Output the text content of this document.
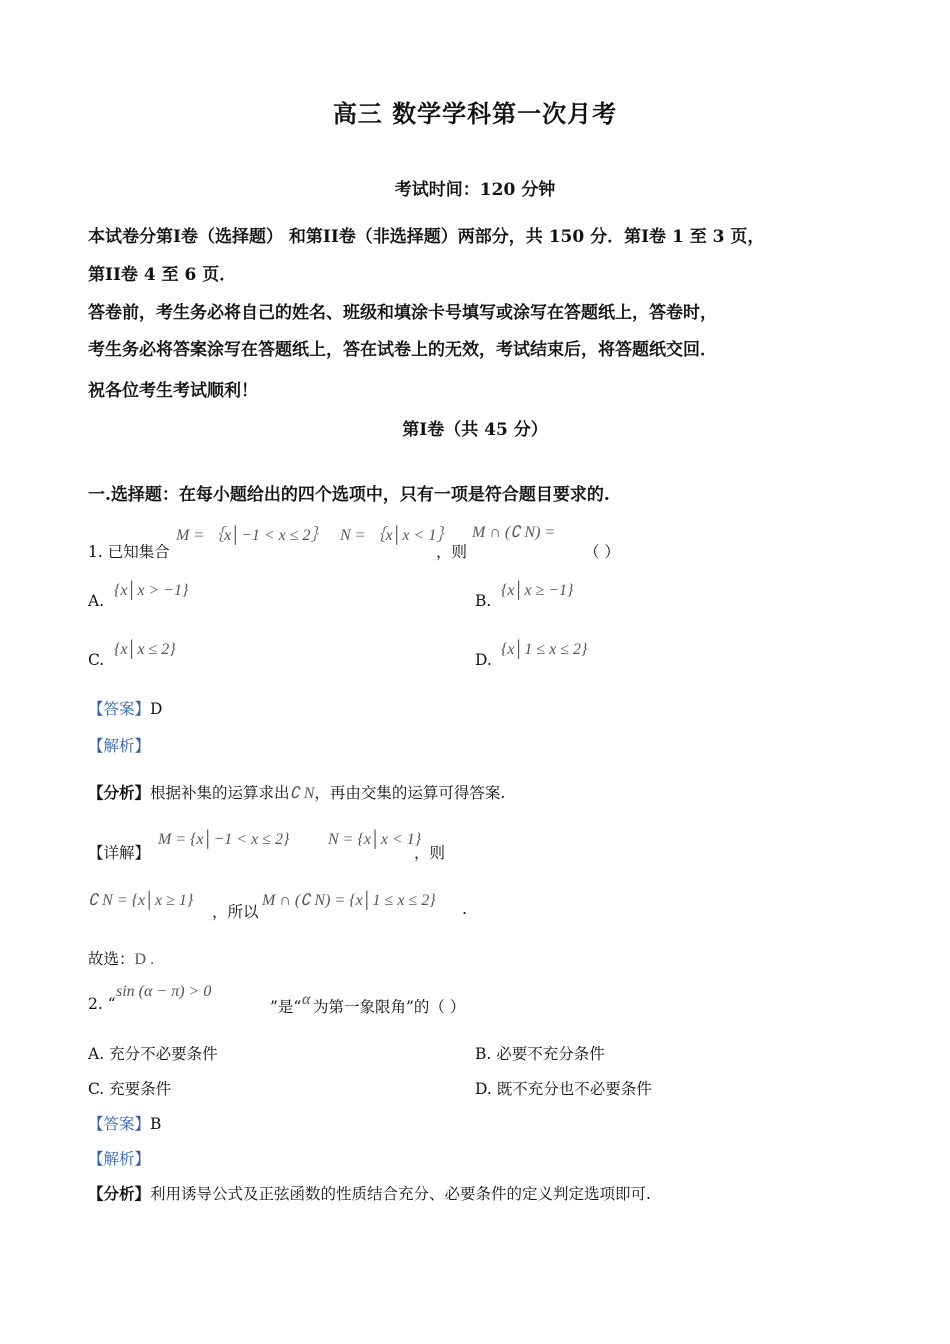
高三 数学学科第一次月考
考试时间：120 分钟
本试卷分第I卷（选择题） 和第II卷（非选择题）两部分，共 150 分．第I卷 1 至 3 页，
第II卷 4 至 6 页．
答卷前，考生务必将自己的姓名、班级和填涂卡号填写或涂写在答题纸上，答卷时，
考生务必将答案涂写在答题纸上，答在试卷上的无效，考试结束后，将答题纸交回．
祝各位考生考试顺利！
第I卷（共 45 分）
一.选择题：在每小题给出的四个选项中，只有一项是符合题目要求的.
1. 已知集合
M = ｛x│−1 < x ≤ 2｝ N = ｛x│x < 1｝
，则
M ∩ (∁ N) =
（ ）
A.
{x│x > −1}
B.
{x│x ≥ −1}
C.
{x│x ≤ 2}
D.
{x│1 ≤ x ≤ 2}
【答案】D
【解析】
【分析】根据补集的运算求出∁ N，再由交集的运算可得答案.
【详解】
M = {x│−1 < x ≤ 2} N = {x│x < 1}
，则
∁ N = {x│x ≥ 1}
，所以
M ∩ (∁ N) = {x│1 ≤ x ≤ 2} .
故选：D .
2. “
sin (α − π) > 0
”是“ α 为第一象限角”的（ ）
A. 充分不必要条件	B. 必要不充分条件
C. 充要条件	D. 既不充分也不必要条件
【答案】B
【解析】
【分析】利用诱导公式及正弦函数的性质结合充分、必要条件的定义判定选项即可.
